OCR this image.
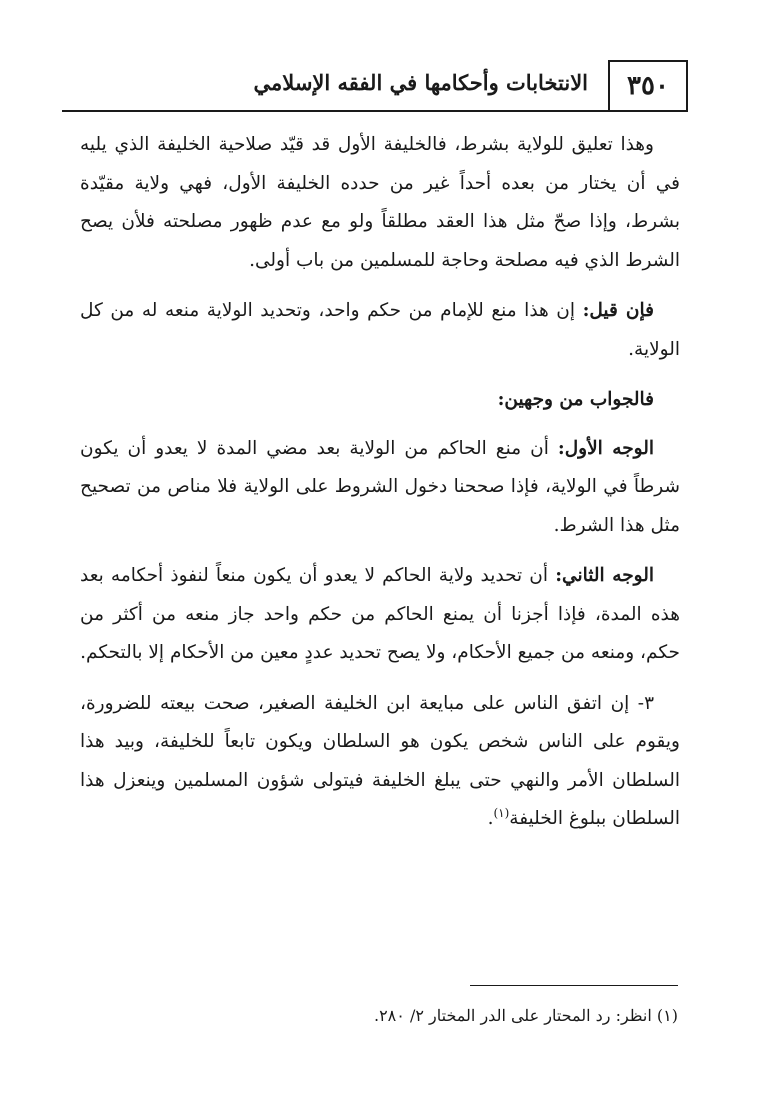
٣٥٠
الانتخابات وأحكامها في الفقه الإسلامي

وهذا تعليق للولاية بشرط، فالخليفة الأول قد قيّد صلاحية الخليفة الذي يليه في أن يختار من بعده أحداً غير من حدده الخليفة الأول، فهي ولاية مقيّدة بشرط، وإذا صحّ مثل هذا العقد مطلقاً ولو مع عدم ظهور مصلحته فلأن يصح الشرط الذي فيه مصلحة وحاجة للمسلمين من باب أولى.

فإن قيل: إن هذا منع للإمام من حكم واحد، وتحديد الولاية منعه له من كل الولاية.

فالجواب من وجهين:

الوجه الأول: أن منع الحاكم من الولاية بعد مضي المدة لا يعدو أن يكون شرطاً في الولاية، فإذا صححنا دخول الشروط على الولاية فلا مناص من تصحيح مثل هذا الشرط.

الوجه الثاني: أن تحديد ولاية الحاكم لا يعدو أن يكون منعاً لنفوذ أحكامه بعد هذه المدة، فإذا أجزنا أن يمنع الحاكم من حكم واحد جاز منعه من أكثر من حكم، ومنعه من جميع الأحكام، ولا يصح تحديد عددٍ معين من الأحكام إلا بالتحكم.

٣- إن اتفق الناس على مبايعة ابن الخليفة الصغير، صحت بيعته للضرورة، ويقوم على الناس شخص يكون هو السلطان ويكون تابعاً للخليفة، وبيد هذا السلطان الأمر والنهي حتى يبلغ الخليفة فيتولى شؤون المسلمين وينعزل هذا السلطان ببلوغ الخليفة$^{(١)}$.

(١) انظر: رد المحتار على الدر المختار ٢/ ٢٨٠.
